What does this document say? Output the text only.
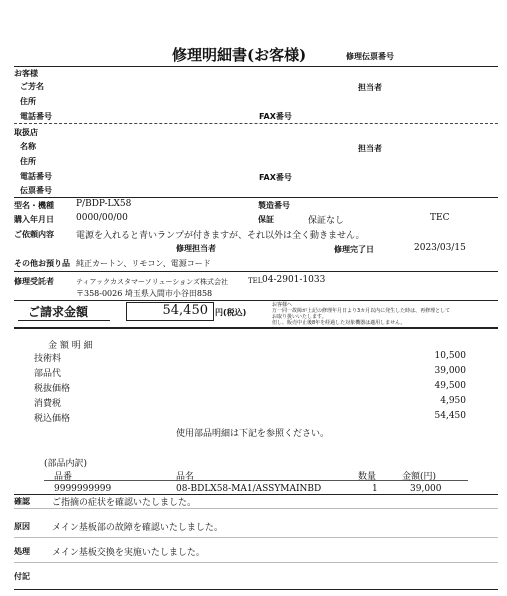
修理明細書(お客様)	修理伝票番号
お客様
ご芳名	担当者
住所
電話番号	FAX番号
取扱店
名称	担当者
住所
電話番号	FAX番号
伝票番号
型名・機種 P/BDP-LX58	製造番号
購入年月日 0000/00/00	保証	保証なし	TEC
ご依頼内容 電源を入れると青いランプが付きますが、それ以外は全く動きません。
修理担当者	修理完了日	2023/03/15
その他お預り品 純正カートン、リモコン、電源コード
修理受託者	ティアックカスタマーソリューションズ株式会社	TEL 04-2901-1033
〒358-0026 埼玉県入間市小谷田858
ご請求金額	54,450 円(税込)
お客様へ
万一同一故障が上記の修理年月日より3カ月以内に発生した時は、再修理として
お取り扱いいたします。
但し、販売中止後8年を経過した対象機器は適用しません。
金 額 明 細
技術料	10,500
部品代	39,000
税抜価格	49,500
消費税	4,950
税込価格	54,450
使用部品明細は下記を参照ください。
(部品内訳)
品番	品名	数量	金額(円)
9999999999	08-BDLX58-MA1/ASSYMAINBD	1	39,000
確認 ご指摘の症状を確認いたしました。
原因 メイン基板部の故障を確認いたしました。
処理 メイン基板交換を実施いたしました。
付記
